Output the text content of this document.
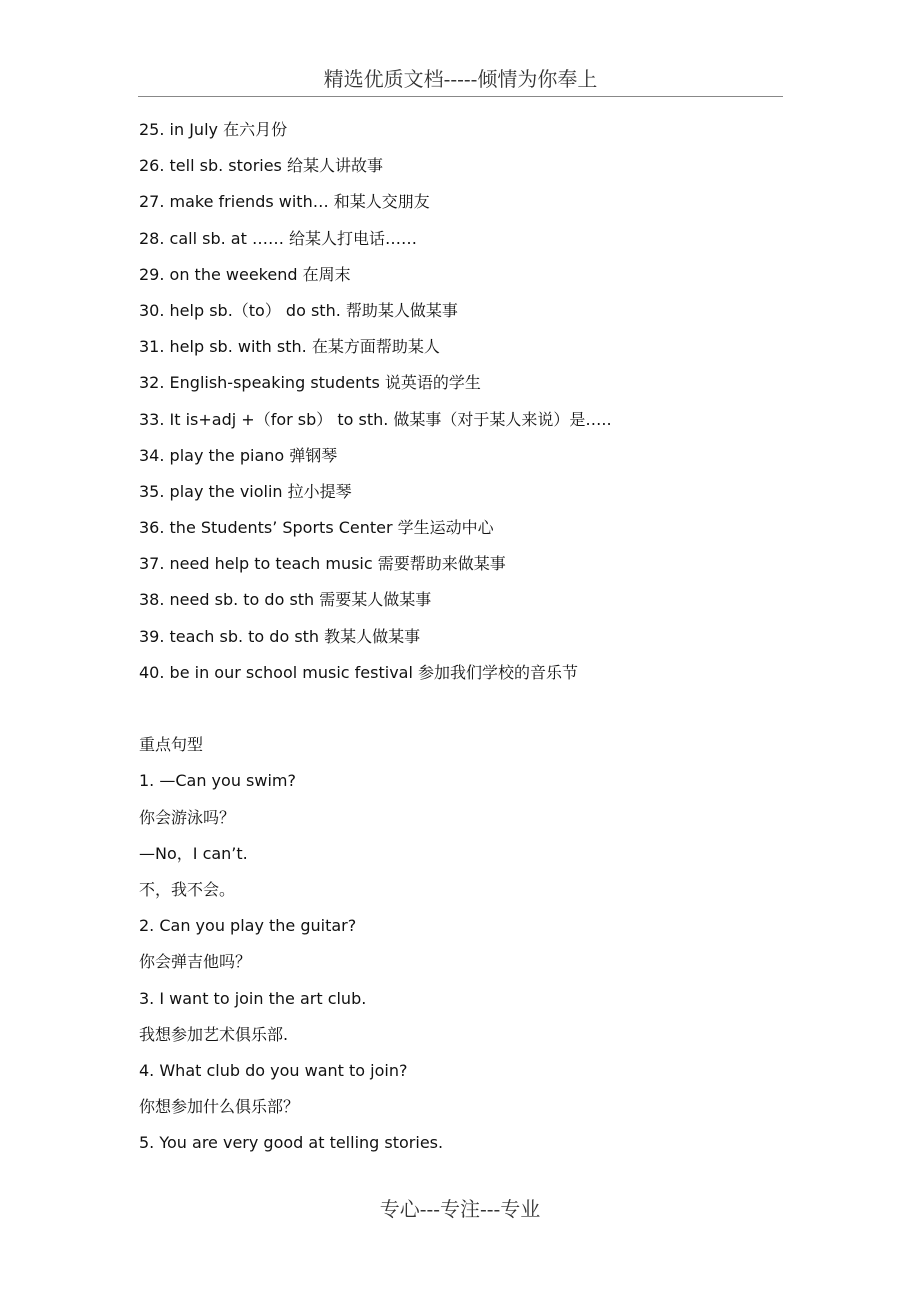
精选优质文档-----倾情为你奉上
25. in July 在六月份
26. tell sb. stories 给某人讲故事
27. make friends with… 和某人交朋友
28. call sb. at …… 给某人打电话……
29. on the weekend 在周末
30. help sb.（to） do sth. 帮助某人做某事
31. help sb. with sth. 在某方面帮助某人
32. English-speaking students 说英语的学生
33. It is+adj +（for sb） to sth. 做某事（对于某人来说）是…..
34. play the piano 弹钢琴
35. play the violin 拉小提琴
36. the Students’ Sports Center 学生运动中心
37. need help to teach music 需要帮助来做某事
38. need sb. to do sth 需要某人做某事
39. teach sb. to do sth 教某人做某事
40. be in our school music festival 参加我们学校的音乐节
重点句型
1. —Can you swim?
你会游泳吗？
—No，I can’t.
不，我不会。
2. Can you play the guitar?
你会弹吉他吗？
3. I want to join the art club.
我想参加艺术俱乐部.
4. What club do you want to join?
你想参加什么俱乐部？
5. You are very good at telling stories.
专心---专注---专业
